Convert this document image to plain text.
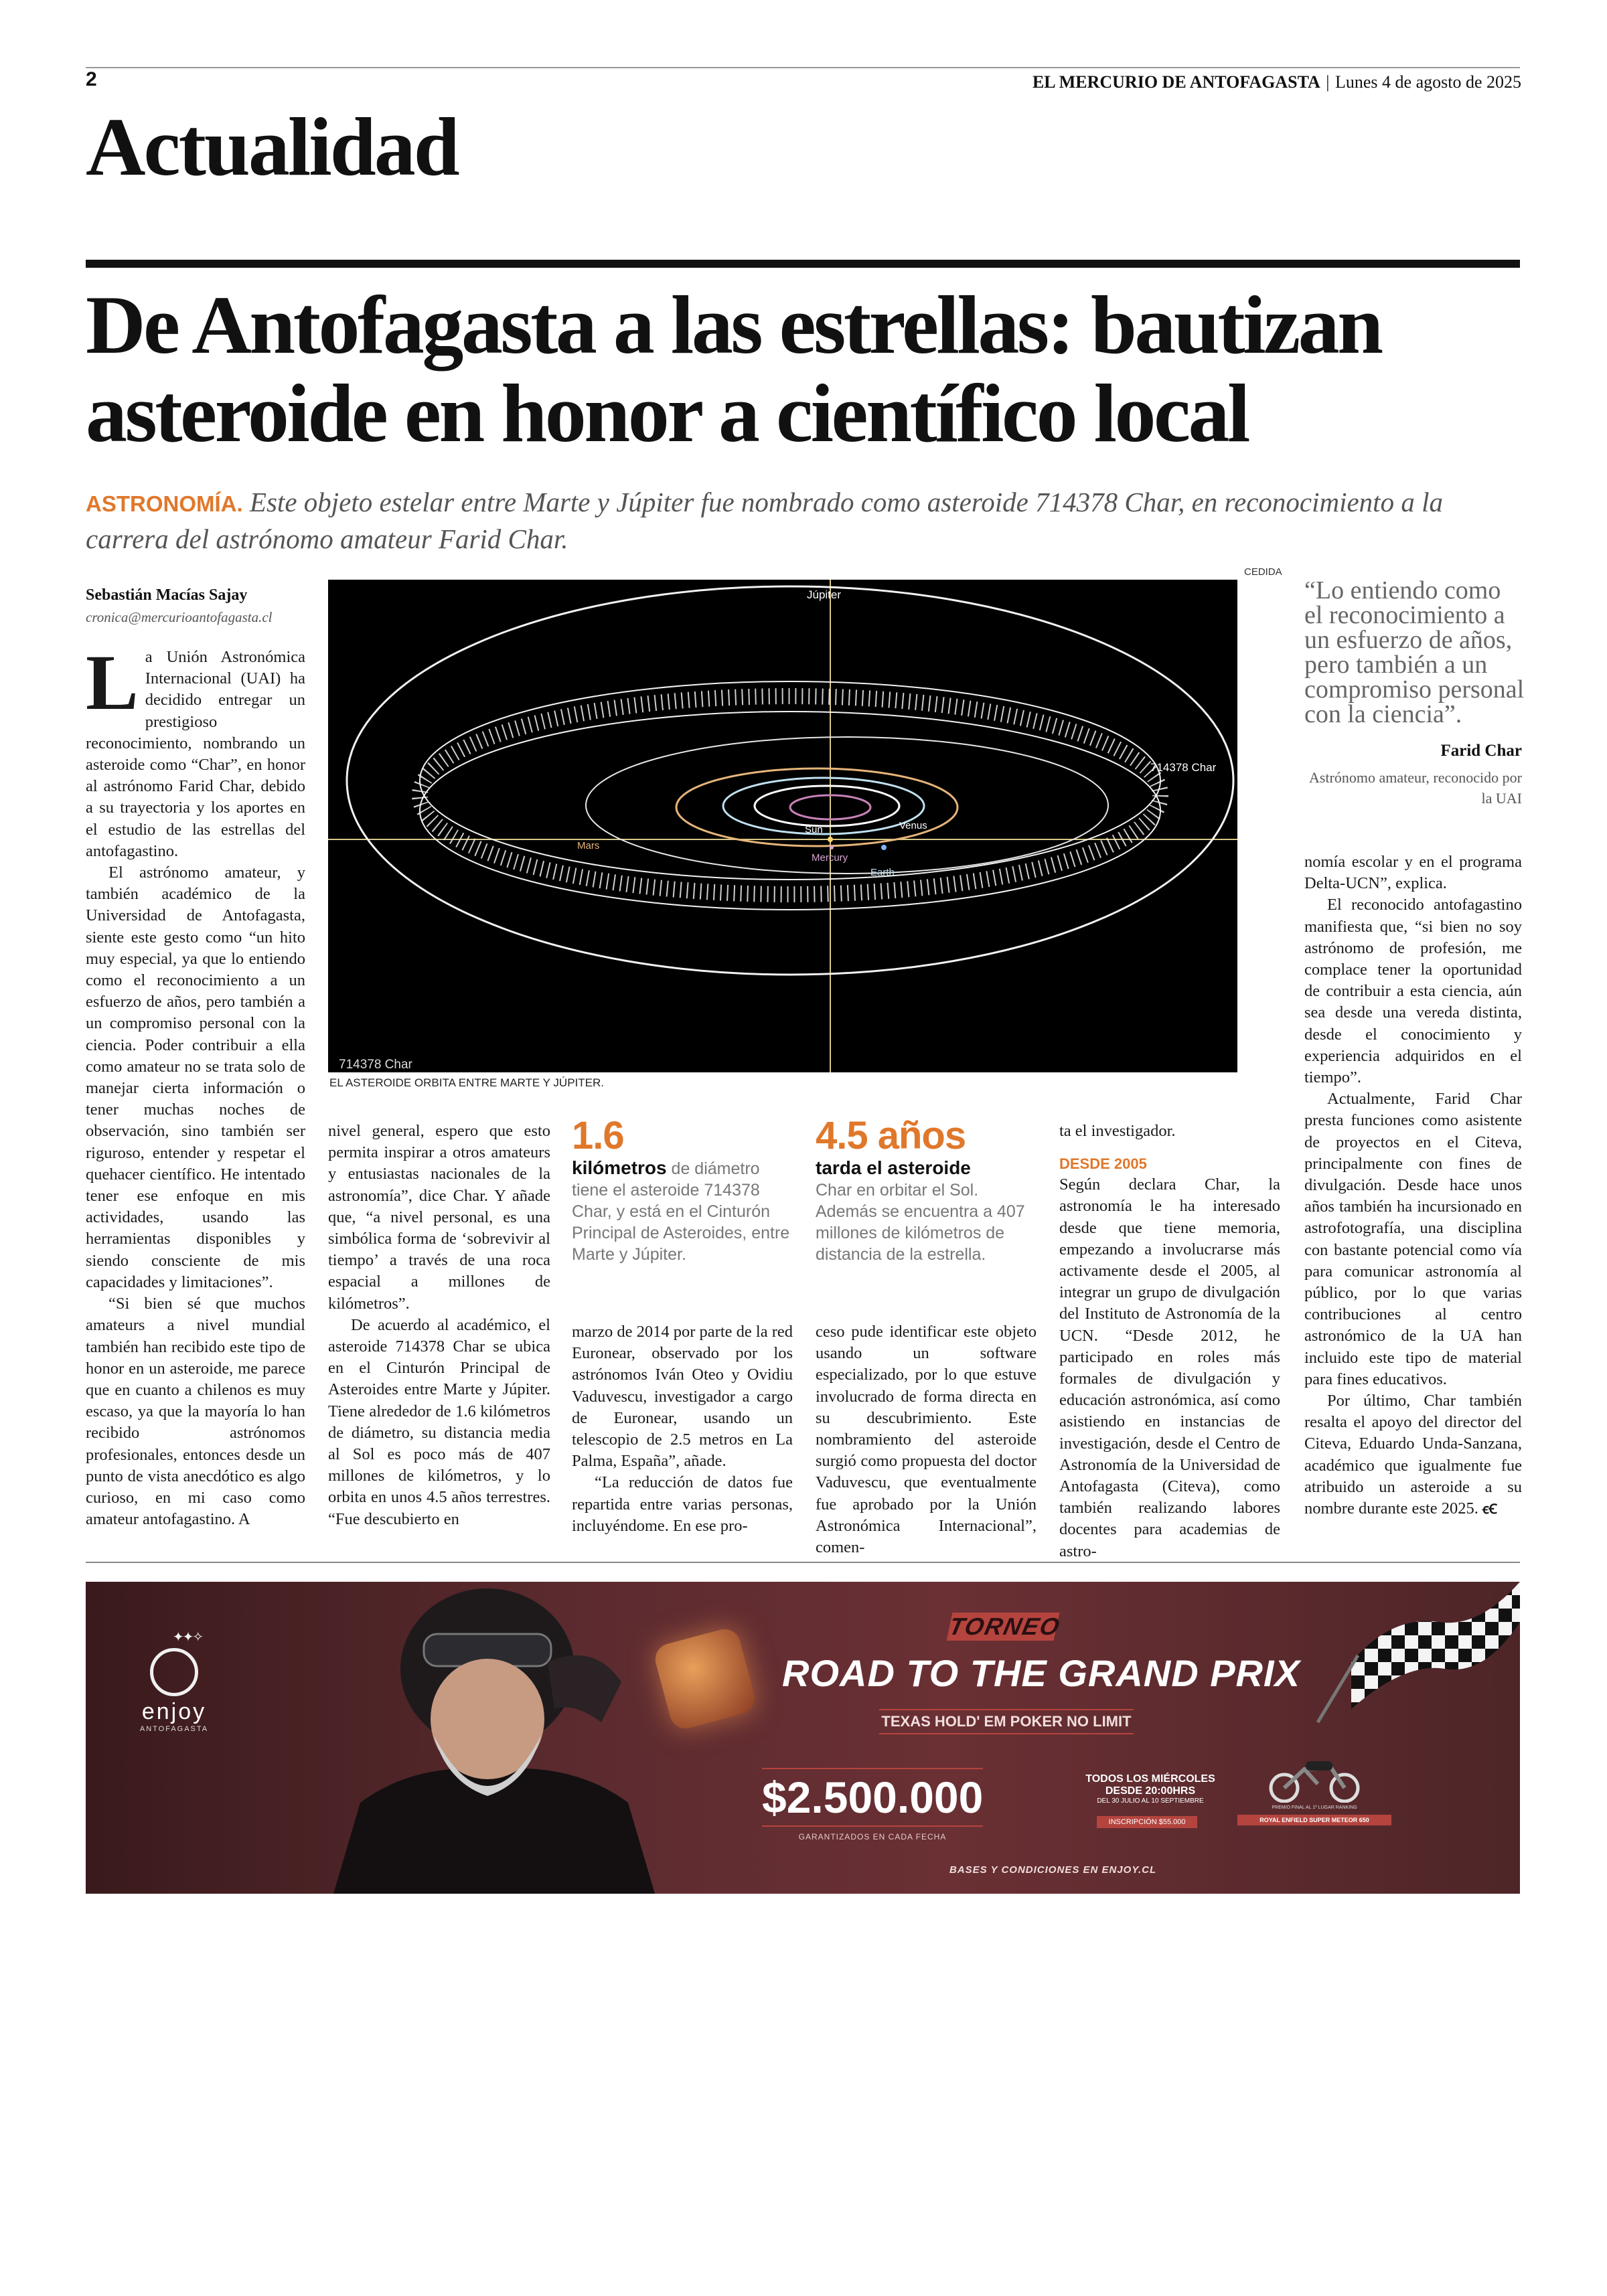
2	EL MERCURIO DE ANTOFAGASTA | Lunes 4 de agosto de 2025
Actualidad
De Antofagasta a las estrellas: bautizan
asteroide en honor a científico local
ASTRONOMÍA. Este objeto estelar entre Marte y Júpiter fue nombrado como asteroide 714378 Char, en reconocimiento a la carrera del astrónomo amateur Farid Char.
Sebastián Macías Sajay
cronica@mercurioantofagasta.cl
CEDIDA
Júpiter
714378 Char
Sun	Venus
Mercury
Earth
Mars
714378 Char
EL ASTEROIDE ORBITA ENTRE MARTE Y JÚPITER.
“Lo entiendo como el reconocimiento a un esfuerzo de años, pero también a un compromiso personal con la ciencia”.
Farid Char
Astrónomo amateur, reconocido por la UAI

La Unión Astronómica Internacional (UAI) ha decidido entregar un prestigioso reconocimiento, nombrando un asteroide como “Char”, en honor al astrónomo Farid Char, debido a su trayectoria y los aportes en el estudio de las estrellas del antofagastino.

El astrónomo amateur, y también académico de la Universidad de Antofagasta, siente este gesto como “un hito muy especial, ya que lo entiendo como el reconocimiento a un esfuerzo de años, pero también a un compromiso personal con la ciencia. Poder contribuir a ella como amateur no se trata solo de manejar cierta información o tener muchas noches de observación, sino también ser riguroso, entender y respetar el quehacer científico. He intentado tener ese enfoque en mis actividades, usando las herramientas disponibles y siendo consciente de mis capacidades y limitaciones”.

“Si bien sé que muchos amateurs a nivel mundial también han recibido este tipo de honor en un asteroide, me parece que en cuanto a chilenos es muy escaso, ya que la mayoría lo han recibido astrónomos profesionales, entonces desde un punto de vista anecdótico es algo curioso, en mi caso como amateur antofagastino. A

nivel general, espero que esto permita inspirar a otros amateurs y entusiastas nacionales de la astronomía”, dice Char. Y añade que, “a nivel personal, es una simbólica forma de ‘sobrevivir al tiempo’ a través de una roca espacial a millones de kilómetros”.

De acuerdo al académico, el asteroide 714378 Char se ubica en el Cinturón Principal de Asteroides entre Marte y Júpiter. Tiene alrededor de 1.6 kilómetros de diámetro, su distancia media al Sol es poco más de 407 millones de kilómetros, y lo orbita en unos 4.5 años terrestres. “Fue descubierto en

1.6
kilómetros de diámetro tiene el asteroide 714378 Char, y está en el Cinturón Principal de Asteroides, entre Marte y Júpiter.
4.5 años
tarda el asteroide
Char en orbitar el Sol. Además se encuentra a 407 millones de kilómetros de distancia de la estrella.

marzo de 2014 por parte de la red Euronear, observado por los astrónomos Iván Oteo y Ovidiu Vaduvescu, investigador a cargo de Euronear, usando un telescopio de 2.5 metros en La Palma, España”, añade.

“La reducción de datos fue repartida entre varias personas, incluyéndome. En ese pro-

ceso pude identificar este objeto usando un software especializado, por lo que estuve involucrado de forma directa en su descubrimiento. Este nombramiento del asteroide surgió como propuesta del doctor Vaduvescu, que eventualmente fue aprobado por la Unión Astronómica Internacional”, comen-

ta el investigador.

DESDE 2005

Según declara Char, la astronomía le ha interesado desde que tiene memoria, empezando a involucrarse más activamente desde el 2005, al integrar un grupo de divulgación del Instituto de Astronomía de la UCN. “Desde 2012, he participado en roles más formales de divulgación y educación astronómica, así como asistiendo en instancias de investigación, desde el Centro de Astronomía de la Universidad de Antofagasta (Citeva), como también realizando labores docentes para academias de astro-

nomía escolar y en el programa Delta-UCN”, explica.

El reconocido antofagastino manifiesta que, “si bien no soy astrónomo de profesión, me complace tener la oportunidad de contribuir a esta ciencia, aún sea desde una vereda distinta, desde el conocimiento y experiencia adquiridos en el tiempo”.

Actualmente, Farid Char presta funciones como asistente de proyectos en el Citeva, principalmente con fines de divulgación. Desde hace unos años también ha incursionado en astrofotografía, una disciplina con bastante potencial como vía para comunicar astronomía al público, por lo que varias contribuciones al centro astronómico de la UA han incluido este tipo de material para fines educativos.

Por último, Char también resalta el apoyo del director del Citeva, Eduardo Unda-Sanzana, académico que igualmente fue atribuido un asteroide a su nombre durante este 2025. ꞓꞒ

✦✦✧
enjoy
ANTOFAGASTA
TORNEO
ROAD TO THE GRAND PRIX
TEXAS HOLD' EM POKER NO LIMIT
$2.500.000
GARANTIZADOS EN CADA FECHA
TODOS LOS MIÉRCOLES
DESDE 20:00HRS
DEL 30 JULIO AL 10 SEPTIEMBRE
INSCRIPCIÓN $55.000
PREMIO FINAL AL 1º LUGAR RANKING
ROYAL ENFIELD SUPER METEOR 650
BASES Y CONDICIONES EN ENJOY.CL
